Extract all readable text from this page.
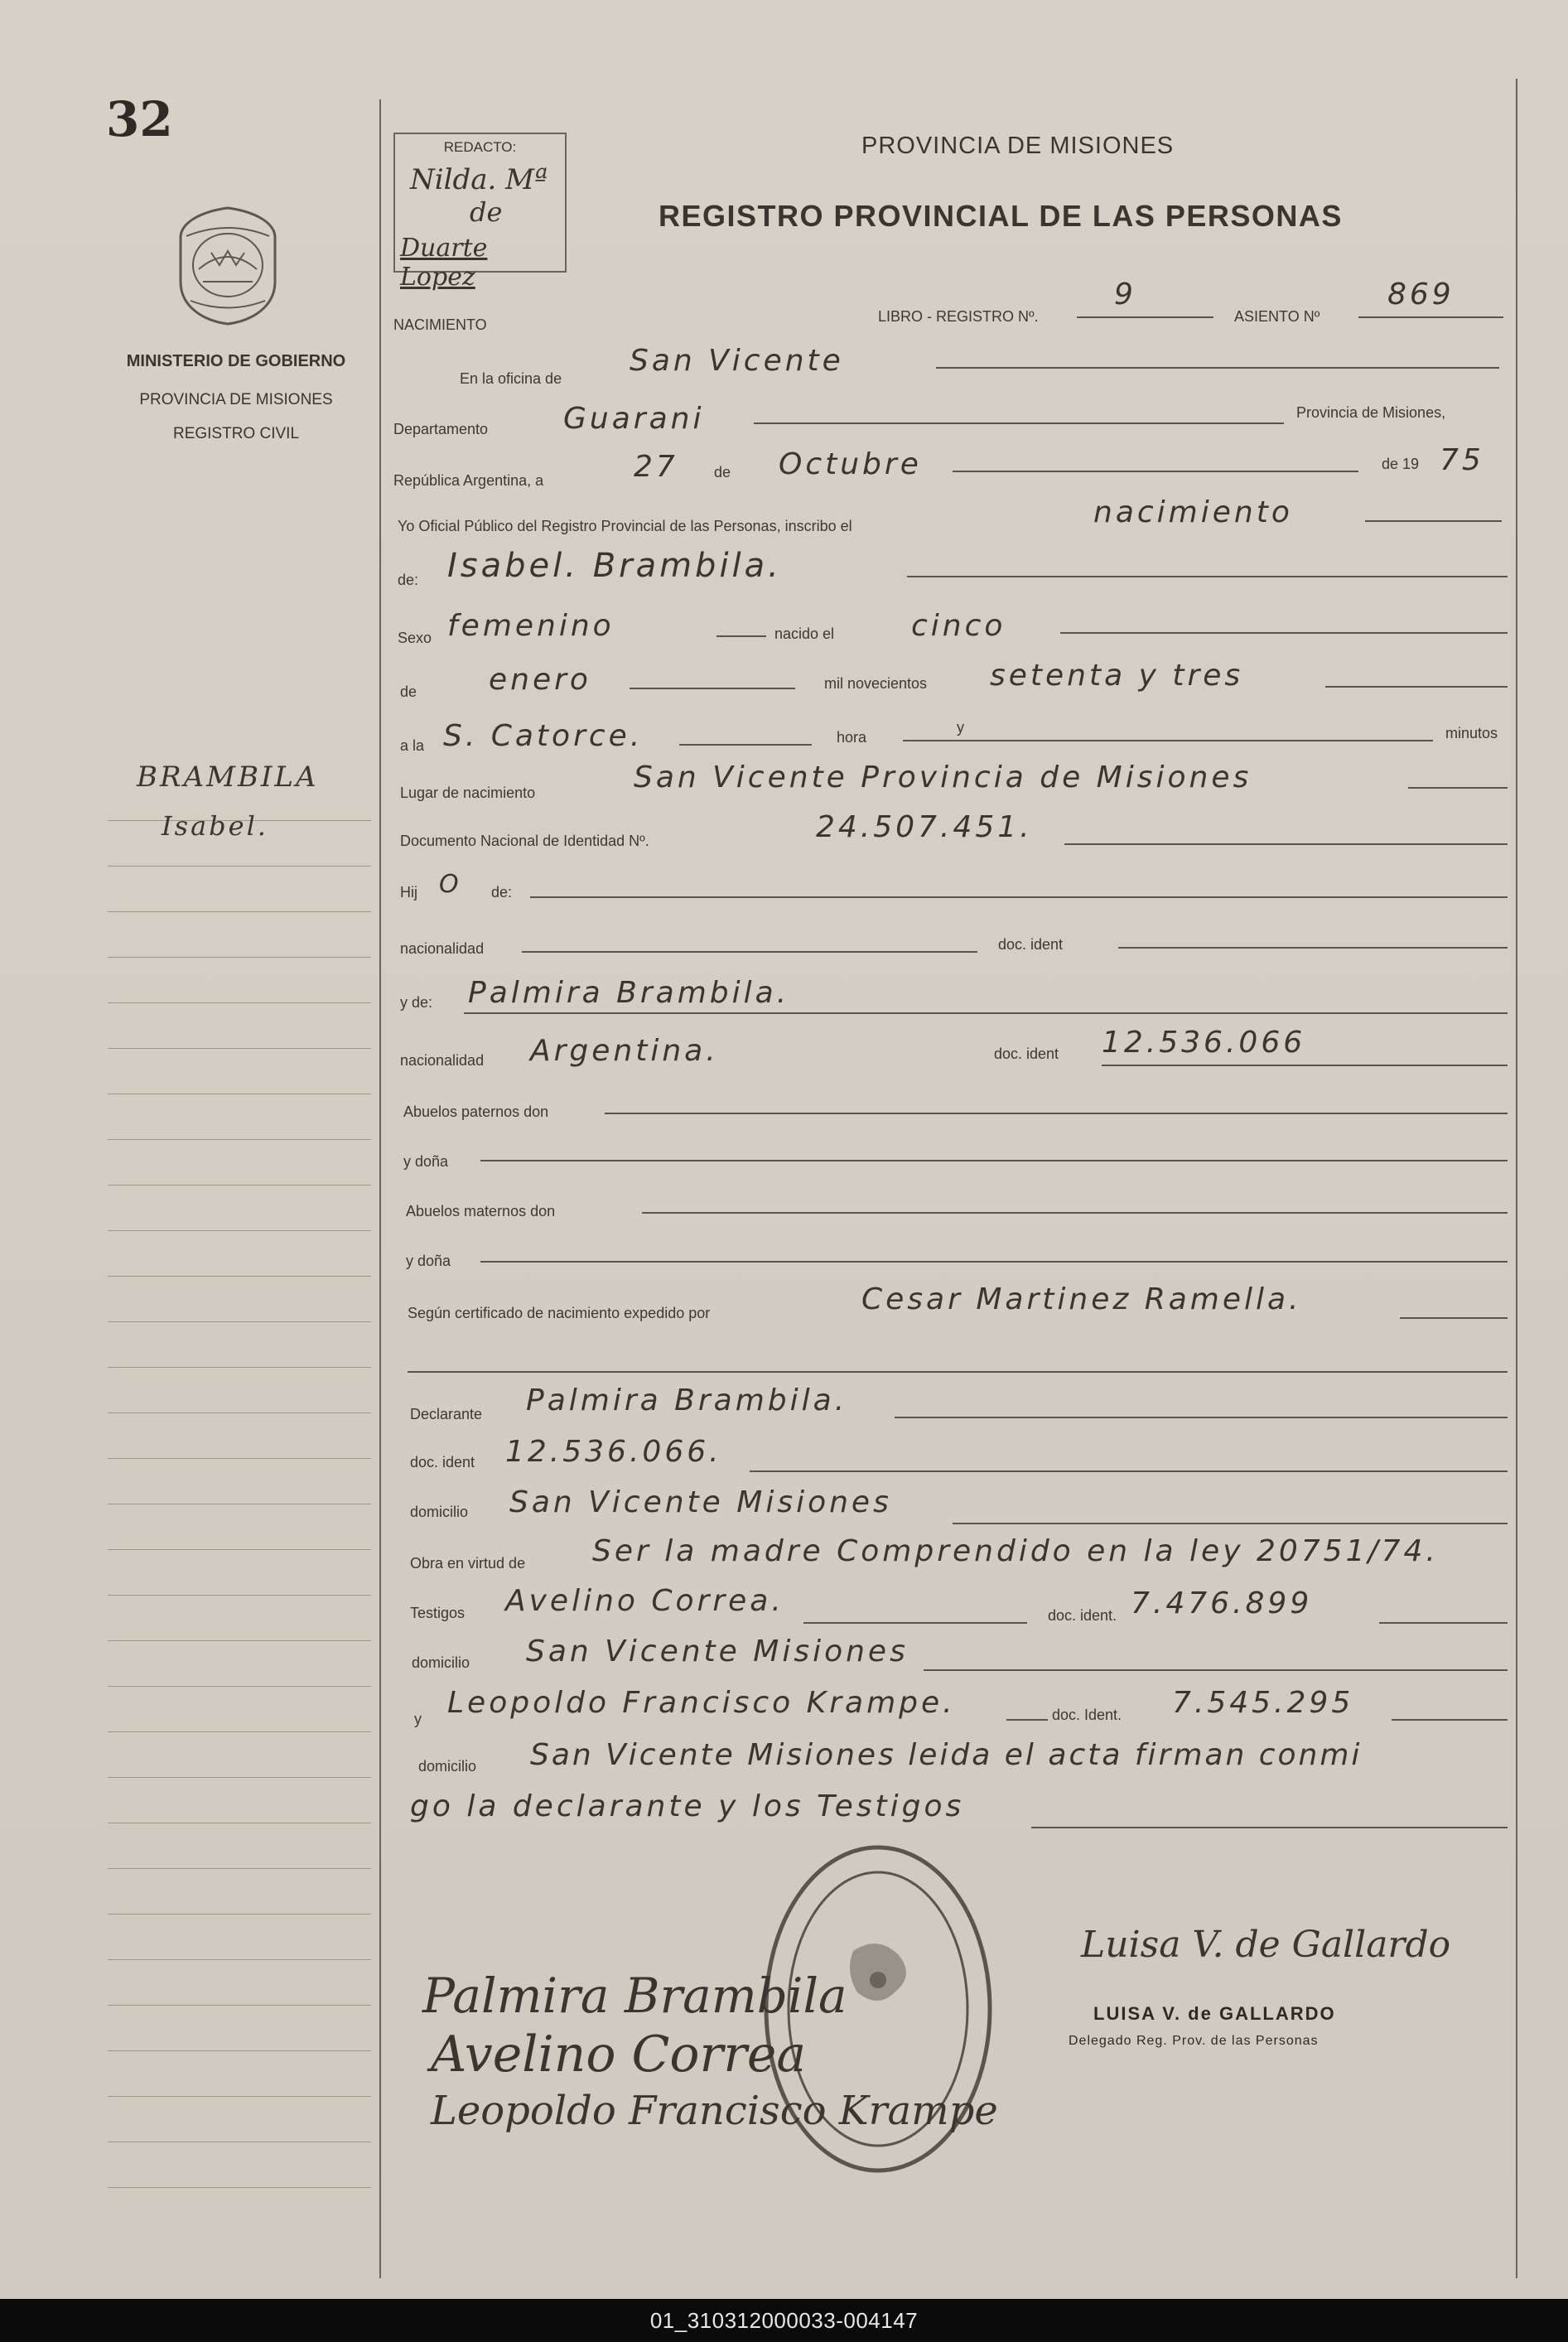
32
MINISTERIO DE GOBIERNO
PROVINCIA DE MISIONES
REGISTRO CIVIL
BRAMBILA
Isabel.
REDACTO:
Nilda. Mª
de
Duarte Lopez
PROVINCIA DE MISIONES
REGISTRO PROVINCIAL DE LAS PERSONAS
NACIMIENTO	LIBRO - REGISTRO Nº.
9
ASIENTO Nº
869
En la oficina de
San Vicente
Departamento	Guarani	Provincia de Misiones,
República Argentina, a	27 de Octubre	de 19 75
Yo Oficial Público del Registro Provincial de las Personas, inscribo el	nacimiento
de: Isabel. Brambila.
Sexo femenino	nacido el	cinco
de enero	mil novecientos setenta y tres
a la S. Catorce.	hora
y	minutos
Lugar de nacimiento	San Vicente Provincia de Misiones
Documento Nacional de Identidad Nº.	24.507.451.
Hij O de:
nacionalidad	doc. ident
y de: Palmira Brambila.
nacionalidad Argentina.	doc. ident 12.536.066
Abuelos paternos don
y doña
Abuelos maternos don
y doña
Según certificado de nacimiento expedido por	Cesar Martinez Ramella.
Declarante Palmira Brambila.
doc. ident 12.536.066.
domicilio San Vicente Misiones
Obra en virtud de Ser la madre Comprendido en la ley 20751/74.
Testigos Avelino Correa.	doc. ident. 7.476.899
domicilio San Vicente Misiones
y Leopoldo Francisco Krampe.	doc. Ident. 7.545.295
domicilio San Vicente Misiones leida el acta firman conmi
go la declarante y los Testigos
Palmira Brambila
Avelino Correa
Leopoldo Francisco Krampe
Luisa V. de Gallardo
LUISA V. de GALLARDO
Delegado Reg. Prov. de las Personas
01_310312000033-004147
